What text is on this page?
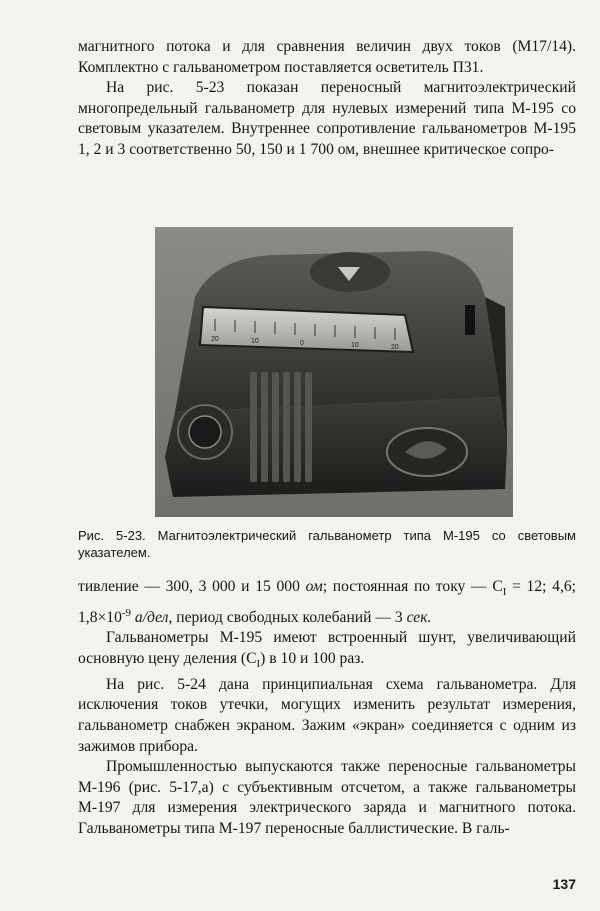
магнитного потока и для сравнения величин двух токов (М17/14). Комплектно с гальванометром поставляется осветитель П31.

На рис. 5-23 показан переносный магнитоэлектрический многопредельный гальванометр для нулевых измерений типа М-195 со световым указателем. Внутреннее сопротивление гальванометров М-195 1, 2 и 3 соответственно 50, 150 и 1 700 ом, внешнее критическое сопро-

20	10	0	10	20
Рис. 5-23. Магнитоэлектрический гальванометр типа М-195 со световым указателем.

тивление — 300, 3 000 и 15 000 ом; постоянная по току — $C_I = 12$; 4,6; $1,8\times 10^{-9}$ а/дел, период свободных колебаний — 3 сек.

Гальванометры М-195 имеют встроенный шунт, увеличивающий основную цену деления $(C_I)$ в 10 и 100 раз.

На рис. 5-24 дана принципиальная схема гальванометра. Для исключения токов утечки, могущих изменить результат измерения, гальванометр снабжен экраном. Зажим «экран» соединяется с одним из зажимов прибора.

Промышленностью выпускаются также переносные гальванометры М-196 (рис. 5-17,а) с субъективным отсчетом, а также гальванометры М-197 для измерения электрического заряда и магнитного потока. Гальванометры типа М-197 переносные баллистические. В галь-

137
